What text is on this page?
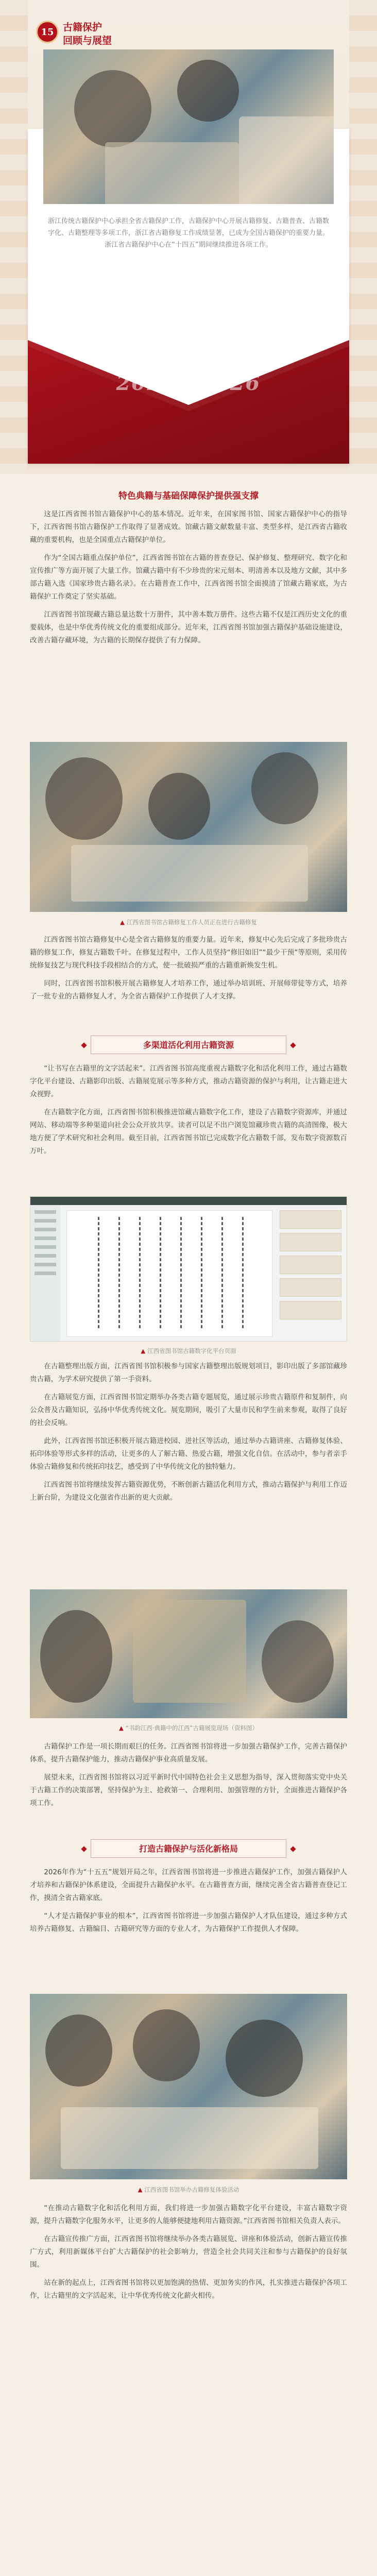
2025—2026
15 古籍保护
回顾与展望
浙江传统古籍保护中心承担全省古籍保护工作，古籍保护中心开展古籍修复、古籍普查、古籍数字化、古籍整理等多项工作，浙江省古籍修复工作成绩显著，已成为全国古籍保护的重要力量。浙江省古籍保护中心在“十四五”期间继续推进各项工作。
特色典籍与基础保障保护提供强支撑

这是江西省图书馆古籍保护中心的基本情况。近年来，在国家图书馆、国家古籍保护中心的指导下，江西省图书馆古籍保护工作取得了显著成效。馆藏古籍文献数量丰富、类型多样，是江西省古籍收藏的重要机构，也是全国重点古籍保护单位。

作为“全国古籍重点保护单位”，江西省图书馆在古籍的普查登记、保护修复、整理研究、数字化和宣传推广等方面开展了大量工作。馆藏古籍中有不少珍贵的宋元刻本、明清善本以及地方文献，其中多部古籍入选《国家珍贵古籍名录》。在古籍普查工作中，江西省图书馆全面摸清了馆藏古籍家底，为古籍保护工作奠定了坚实基础。

江西省图书馆现藏古籍总量达数十万册件，其中善本数万册件。这些古籍不仅是江西历史文化的重要载体，也是中华优秀传统文化的重要组成部分。近年来，江西省图书馆加强古籍保护基础设施建设，改善古籍存藏环境，为古籍的长期保存提供了有力保障。

▲ 江西省图书馆古籍修复工作人员正在进行古籍修复

江西省图书馆古籍修复中心是全省古籍修复的重要力量。近年来，修复中心先后完成了多批珍贵古籍的修复工作，修复古籍数千叶。在修复过程中，工作人员坚持“修旧如旧”“最少干预”等原则，采用传统修复技艺与现代科技手段相结合的方式，使一批破损严重的古籍重新焕发生机。

同时，江西省图书馆积极开展古籍修复人才培养工作，通过举办培训班、开展师带徒等方式，培养了一批专业的古籍修复人才，为全省古籍保护工作提供了人才支撑。

多渠道活化利用古籍资源

“让书写在古籍里的文字活起来”。江西省图书馆高度重视古籍数字化和活化利用工作，通过古籍数字化平台建设、古籍影印出版、古籍展览展示等多种方式，推动古籍资源的保护与利用，让古籍走进大众视野。

在古籍数字化方面，江西省图书馆积极推进馆藏古籍数字化工作，建设了古籍数字资源库，并通过网站、移动端等多种渠道向社会公众开放共享。读者可以足不出户浏览馆藏珍贵古籍的高清图像，极大地方便了学术研究和社会利用。截至目前，江西省图书馆已完成数字化古籍数千部，发布数字资源数百万叶。

▲ 江西省图书馆古籍数字化平台页面

在古籍整理出版方面，江西省图书馆积极参与国家古籍整理出版规划项目，影印出版了多部馆藏珍贵古籍，为学术研究提供了第一手资料。

在古籍展览方面，江西省图书馆定期举办各类古籍专题展览，通过展示珍贵古籍原件和复制件，向公众普及古籍知识，弘扬中华优秀传统文化。展览期间，吸引了大量市民和学生前来参观，取得了良好的社会反响。

此外，江西省图书馆还积极开展古籍进校园、进社区等活动，通过举办古籍讲座、古籍修复体验、拓印体验等形式多样的活动，让更多的人了解古籍、热爱古籍，增强文化自信。在活动中，参与者亲手体验古籍修复和传统拓印技艺，感受到了中华传统文化的独特魅力。

江西省图书馆将继续发挥古籍资源优势，不断创新古籍活化利用方式，推动古籍保护与利用工作迈上新台阶，为建设文化强省作出新的更大贡献。

▲ “书韵江西·典籍中的江西”古籍展览现场（资料图）

古籍保护工作是一项长期而艰巨的任务。江西省图书馆将进一步加强古籍保护工作，完善古籍保护体系，提升古籍保护能力，推动古籍保护事业高质量发展。

展望未来，江西省图书馆将以习近平新时代中国特色社会主义思想为指导，深入贯彻落实党中央关于古籍工作的决策部署，坚持保护为主、抢救第一、合理利用、加强管理的方针，全面推进古籍保护各项工作。

打造古籍保护与活化新格局

2026年作为“十五五”规划开局之年，江西省图书馆将进一步推进古籍保护工作，加强古籍保护人才培养和古籍保护体系建设，全面提升古籍保护水平。在古籍普查方面，继续完善全省古籍普查登记工作，摸清全省古籍家底。

“人才是古籍保护事业的根本”，江西省图书馆将进一步加强古籍保护人才队伍建设，通过多种方式培养古籍修复、古籍编目、古籍研究等方面的专业人才，为古籍保护工作提供人才保障。

▲ 江西省图书馆举办古籍修复体验活动

“在推动古籍数字化和活化利用方面，我们将进一步加强古籍数字化平台建设，丰富古籍数字资源，提升古籍数字化服务水平，让更多的人能够便捷地利用古籍资源。”江西省图书馆相关负责人表示。

在古籍宣传推广方面，江西省图书馆将继续举办各类古籍展览、讲座和体验活动，创新古籍宣传推广方式，利用新媒体平台扩大古籍保护的社会影响力，营造全社会共同关注和参与古籍保护的良好氛围。

站在新的起点上，江西省图书馆将以更加饱满的热情、更加务实的作风，扎实推进古籍保护各项工作，让古籍里的文字活起来，让中华优秀传统文化薪火相传。
